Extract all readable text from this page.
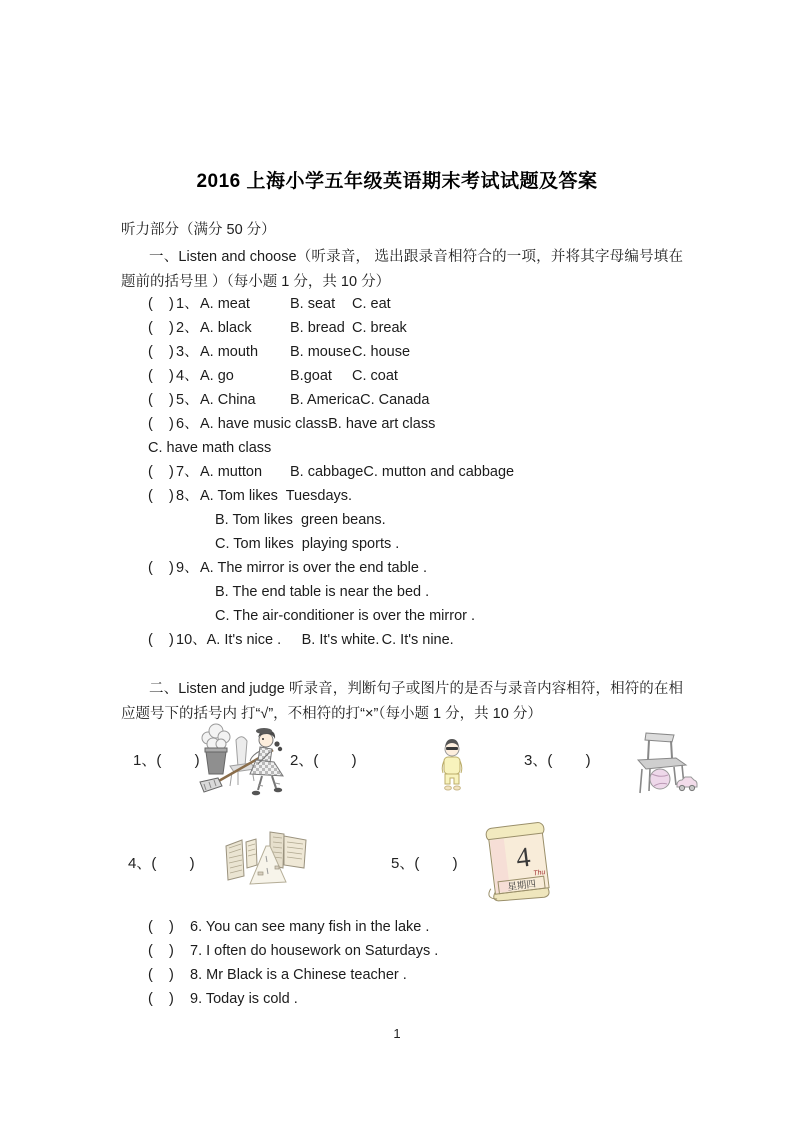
2016 上海小学五年级英语期末考试试题及答案
听力部分（满分 50 分）

一、Listen and choose（听录音， 选出跟录音相符合的一项，并将其字母编号填在题前的括号里 ）（每小题 1 分，共 10 分）

(    ) 1、 A. meat	B. seat	C. eat
(    ) 2、 A. black	B. bread C. break
(    ) 3、 A. mouth	B. mouse C. house
(    ) 4、 A. go	B.goat	C. coat
(    ) 5、 A. China	B. America C. Canada
(    ) 6、 A. have music class B. have art class
C. have math class
(    ) 7、 A. mutton	B. cabbage C. mutton and cabbage
(    ) 8、 A. Tom likes  Tuesdays.
B. Tom likes  green beans.
C. Tom likes  playing sports .
(    ) 9、 A. The mirror is over the end table .
B. The end table is near the bed .
C. The air-conditioner is over the mirror .
(    ) 10、 A. It's nice .	B. It's white. C. It's nine.

二、Listen and judge 听录音，判断句子或图片的是否与录音内容相符，相符的在相应题号下的括号内 打“√”，不相符的打“×”（每小题 1 分，共 10 分）

1、(        )	2、(        )	3、(        )
4、(        )	5、(        ) 4 Thu
星期四
(    )	6. You can see many fish in the lake .
(    )	7. I often do housework on Saturdays .
(    )	8. Mr Black is a Chinese teacher .
(    )	9. Today is cold .
1
